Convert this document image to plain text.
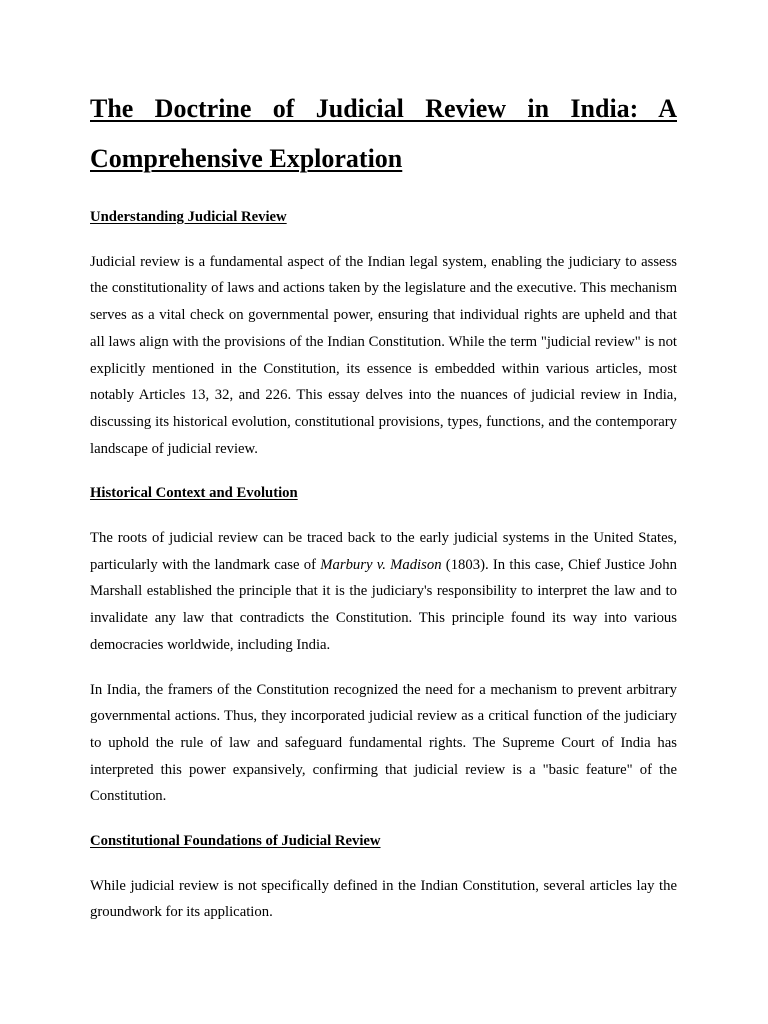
The Doctrine of Judicial Review in India: A Comprehensive Exploration
Understanding Judicial Review

Judicial review is a fundamental aspect of the Indian legal system, enabling the judiciary to assess the constitutionality of laws and actions taken by the legislature and the executive. This mechanism serves as a vital check on governmental power, ensuring that individual rights are upheld and that all laws align with the provisions of the Indian Constitution. While the term "judicial review" is not explicitly mentioned in the Constitution, its essence is embedded within various articles, most notably Articles 13, 32, and 226. This essay delves into the nuances of judicial review in India, discussing its historical evolution, constitutional provisions, types, functions, and the contemporary landscape of judicial review.

Historical Context and Evolution

The roots of judicial review can be traced back to the early judicial systems in the United States, particularly with the landmark case of Marbury v. Madison (1803). In this case, Chief Justice John Marshall established the principle that it is the judiciary's responsibility to interpret the law and to invalidate any law that contradicts the Constitution. This principle found its way into various democracies worldwide, including India.

In India, the framers of the Constitution recognized the need for a mechanism to prevent arbitrary governmental actions. Thus, they incorporated judicial review as a critical function of the judiciary to uphold the rule of law and safeguard fundamental rights. The Supreme Court of India has interpreted this power expansively, confirming that judicial review is a "basic feature" of the Constitution.

Constitutional Foundations of Judicial Review

While judicial review is not specifically defined in the Indian Constitution, several articles lay the groundwork for its application.
